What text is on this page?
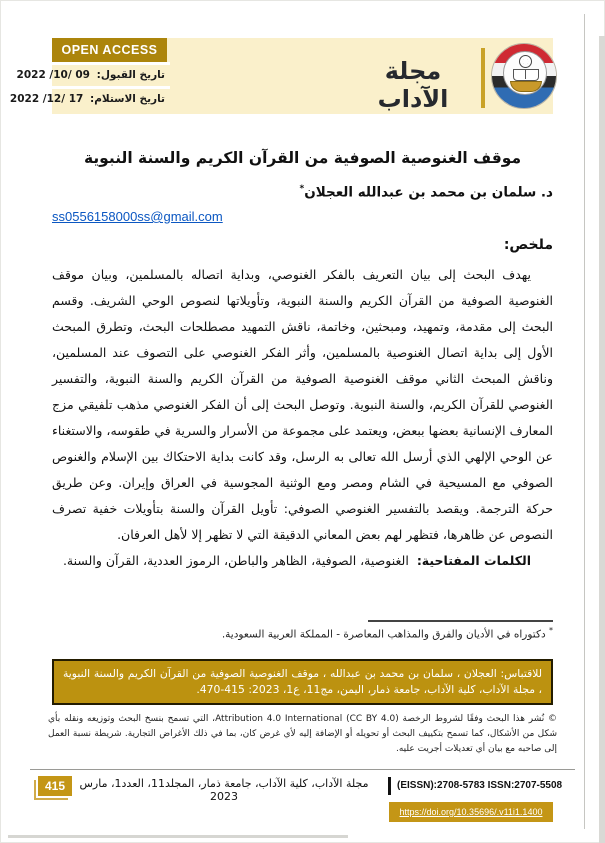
OPEN ACCESS
تاريخ القبول: 2022 /10/ 09
تاريخ الاستلام: 2022 /12/ 17
مجلة الآداب
موقف الغنوصية الصوفية من القرآن الكريم والسنة النبوية
د. سلمان بن محمد بن عبدالله العجلان*
ss0556158000ss@gmail.com
ملخص:

يهدف البحث إلى بيان التعريف بالفكر الغنوصي، وبداية اتصاله بالمسلمين، وبيان موقف الغنوصية الصوفية من القرآن الكريم والسنة النبوية، وتأويلاتها لنصوص الوحي الشريف. وقسم البحث إلى مقدمة، وتمهيد، ومبحثين، وخاتمة، ناقش التمهيد مصطلحات البحث، وتطرق المبحث الأول إلى بداية اتصال الغنوصية بالمسلمين، وأثر الفكر الغنوصي على التصوف عند المسلمين، وناقش المبحث الثاني موقف الغنوصية الصوفية من القرآن الكريم والسنة النبوية، والتفسير الغنوصي للقرآن الكريم، والسنة النبوية. وتوصل البحث إلى أن الفكر الغنوصي مذهب تلفيقي مزج المعارف الإنسانية بعضها ببعض، ويعتمد على مجموعة من الأسرار والسرية في طقوسه، والاستغناء عن الوحي الإلهي الذي أرسل الله تعالى به الرسل، وقد كانت بداية الاحتكاك بين الإسلام والغنوص الصوفي مع المسيحية في الشام ومصر ومع الوثنية المجوسية في العراق وإيران. وعن طريق حركة الترجمة. ويقصد بالتفسير الغنوصي الصوفي: تأويل القرآن والسنة بتأويلات خفية تصرف النصوص عن ظاهرها، فتظهر لهم بعض المعاني الدقيقة التي لا تظهر إلا لأهل العرفان.

الكلمات المفتاحية: الغنوصية، الصوفية، الظاهر والباطن، الرموز العددية، القرآن والسنة.

* دكتوراه في الأديان والفرق والمذاهب المعاصرة - المملكة العربية السعودية.
للاقتباس: العجلان ، سلمان بن محمد بن عبدالله ، موقف الغنوصية الصوفية من القرآن الكريم والسنة النبوية ، مجلة الآداب، كلية الآداب، جامعة ذمار، اليمن، مج11، ع1، 2023: 415-470.
© نُشر هذا البحث وفقًا لشروط الرخصة Attribution 4.0 International (CC BY 4.0)، التي تسمح بنسخ البحث وتوزيعه ونقله بأي شكل من الأشكال، كما تسمح بتكييف البحث أو تحويله أو الإضافة إليه لأي غرض كان، بما في ذلك الأغراض التجارية. شريطة نسبة العمل إلى صاحبه مع بيان أي تعديلات أجريت عليه.
415	مجلة الآداب، كلية الآداب، جامعة ذمار، المجلد11، العدد1، مارس 2023
(EISSN):2708-5783 ISSN:2707-5508
https://doi.org/10.35696/.v11i1.1400
